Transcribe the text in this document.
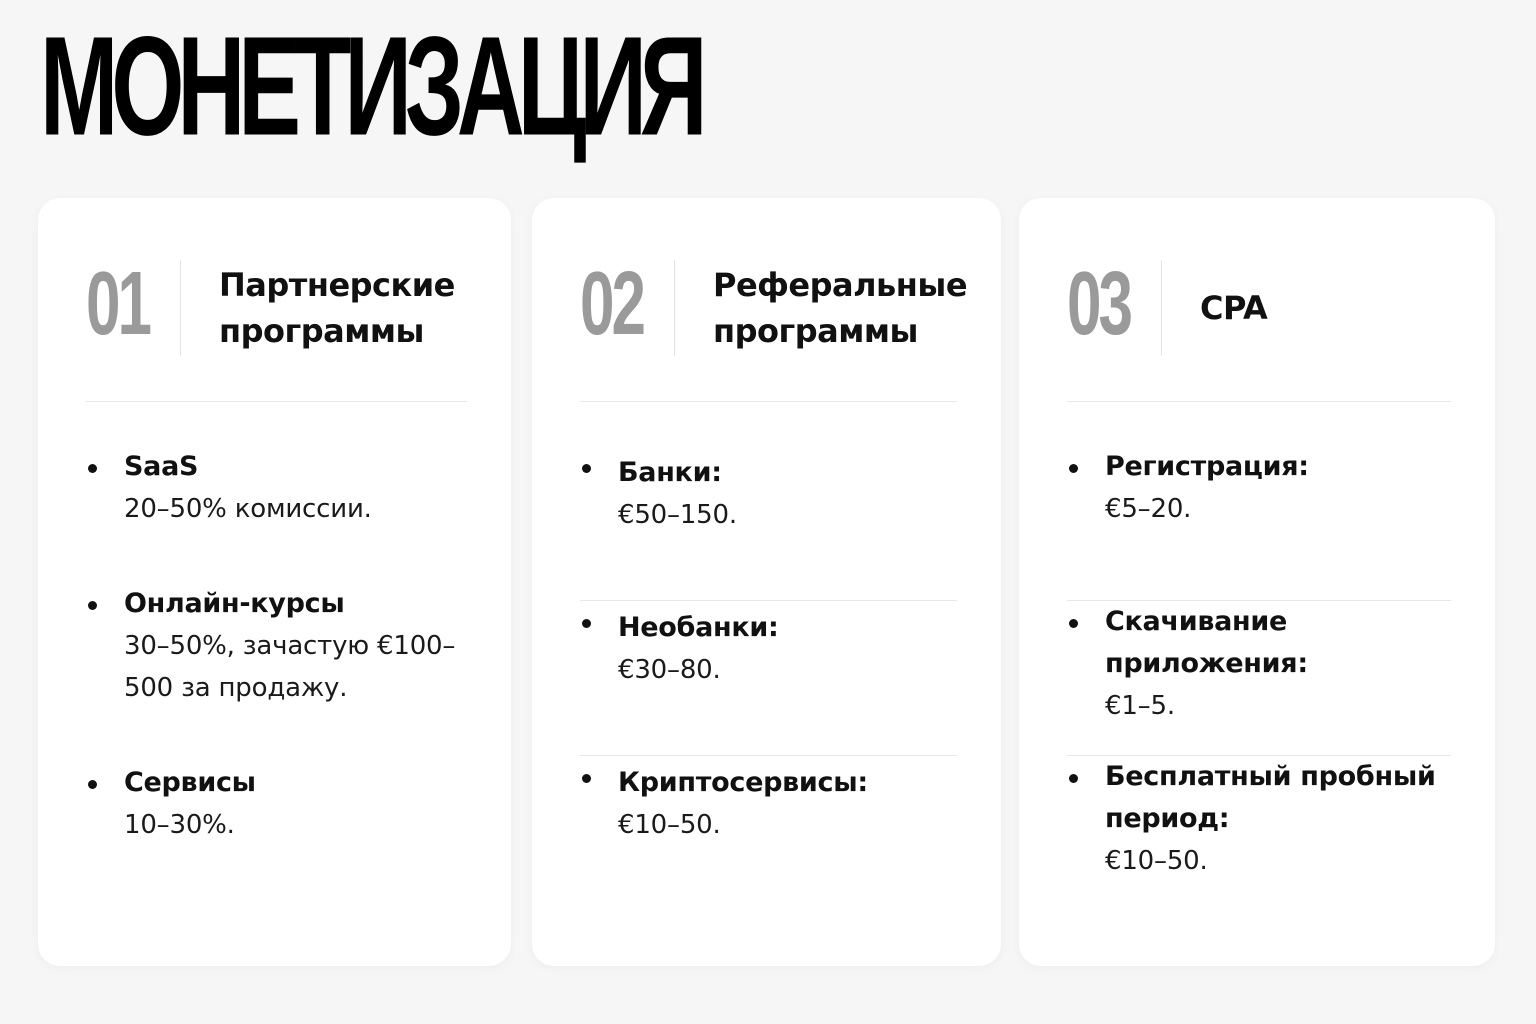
МОНЕТИЗАЦИЯ
01 Партнерские
программы
SaaS
20–50% комиссии.
Онлайн-курсы
30–50%, зачастую €100–500 за продажу.
Сервисы
10–30%.
02 Реферальные
программы
Банки:
€50–150.
Необанки:
€30–80.
Криптосервисы:
€10–50.
03 CPA
Регистрация:
€5–20.
Скачивание приложения:
€1–5.
Бесплатный пробный период:
€10–50.
